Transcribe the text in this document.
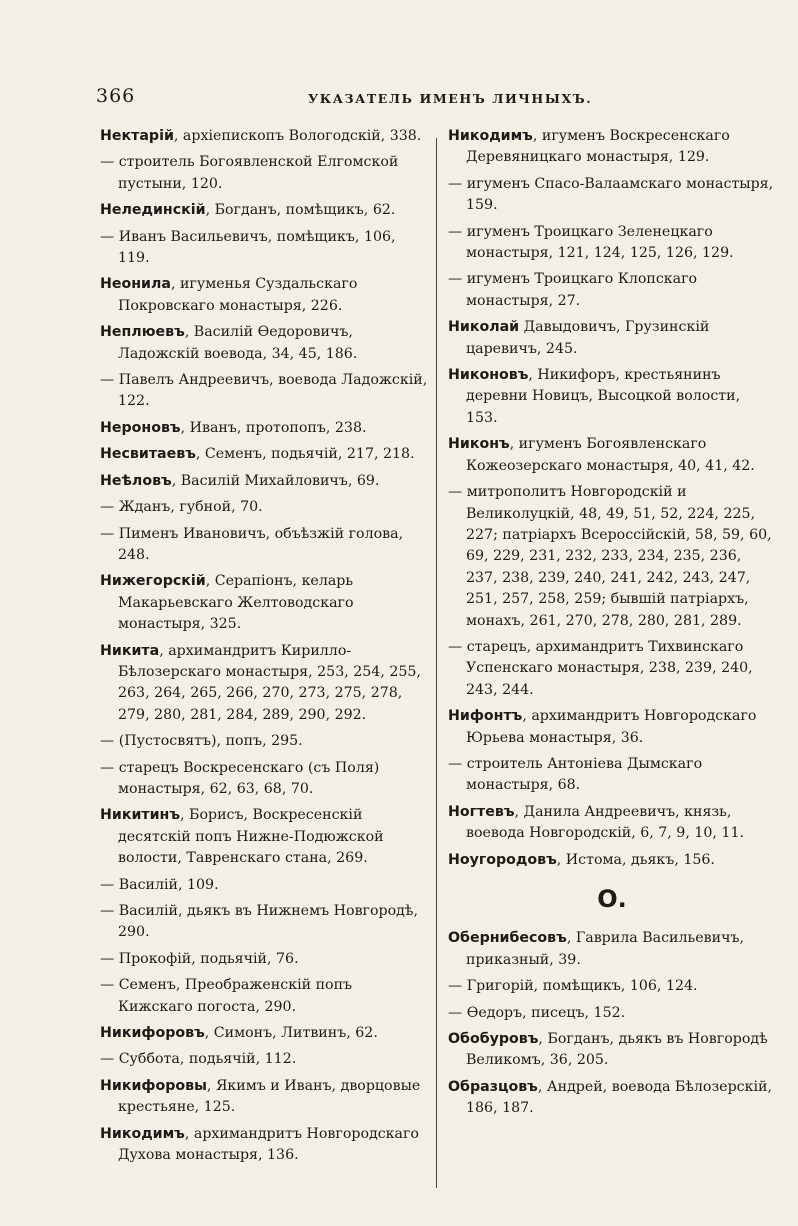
366	УКАЗАТЕЛЬ ИМЕНЪ ЛИЧНЫХЪ.
Нектарій, архіепископъ Вологодскій, 338.
— строитель Богоявленской Елгомской пустыни, 120.
Нелединскій, Богданъ, помѣщикъ, 62.
— Иванъ Васильевичъ, помѣщикъ, 106, 119.
Неонила, игуменья Суздальскаго Покровскаго монастыря, 226.
Неплюевъ, Василій Өедоровичъ, Ладожскій воевода, 34, 45, 186.
— Павелъ Андреевичъ, воевода Ладожскій, 122.
Нероновъ, Иванъ, протопопъ, 238.
Несвитаевъ, Семенъ, подьячій, 217, 218.
Неѣловъ, Василій Михайловичъ, 69.
— Жданъ, губной, 70.
— Пименъ Ивановичъ, объѣзжій голова, 248.
Нижегорскій, Серапіонъ, келарь Макарьевскаго Желтоводскаго монастыря, 325.
Никита, архимандритъ Кирилло-Бѣлозерскаго монастыря, 253, 254, 255, 263, 264, 265, 266, 270, 273, 275, 278, 279, 280, 281, 284, 289, 290, 292.
— (Пустосвятъ), попъ, 295.
— старецъ Воскресенскаго (съ Поля) монастыря, 62, 63, 68, 70.
Никитинъ, Борисъ, Воскресенскій десятскій попъ Нижне-Подюжской волости, Тавренскаго стана, 269.
— Василій, 109.
— Василій, дьякъ въ Нижнемъ Новгородѣ, 290.
— Прокофій, подьячій, 76.
— Семенъ, Преображенскій попъ Кижскаго погоста, 290.
Никифоровъ, Симонъ, Литвинъ, 62.
— Суббота, подьячій, 112.
Никифоровы, Якимъ и Иванъ, дворцовые крестьяне, 125.
Никодимъ, архимандритъ Новгородскаго Духова монастыря, 136.
Никодимъ, игуменъ Воскресенскаго Деревяницкаго монастыря, 129.
— игуменъ Спасо-Валаамскаго монастыря, 159.
— игуменъ Троицкаго Зеленецкаго монастыря, 121, 124, 125, 126, 129.
— игуменъ Троицкаго Клопскаго монастыря, 27.
Николай Давыдовичъ, Грузинскій царевичъ, 245.
Никоновъ, Никифоръ, крестьянинъ деревни Новицъ, Высоцкой волости, 153.
Никонъ, игуменъ Богоявленскаго Кожеозерскаго монастыря, 40, 41, 42.
— митрополитъ Новгородскій и Великолуцкій, 48, 49, 51, 52, 224, 225, 227; патріархъ Всероссійскій, 58, 59, 60, 69, 229, 231, 232, 233, 234, 235, 236, 237, 238, 239, 240, 241, 242, 243, 247, 251, 257, 258, 259; бывшій патріархъ, монахъ, 261, 270, 278, 280, 281, 289.
— старецъ, архимандритъ Тихвинскаго Успенскаго монастыря, 238, 239, 240, 243, 244.
Нифонтъ, архимандритъ Новгородскаго Юрьева монастыря, 36.
— строитель Антоніева Дымскаго монастыря, 68.
Ногтевъ, Данила Андреевичъ, князь, воевода Новгородскій, 6, 7, 9, 10, 11.
Ноугородовъ, Истома, дьякъ, 156.
О.
Обернибесовъ, Гаврила Васильевичъ, приказный, 39.
— Григорій, помѣщикъ, 106, 124.
— Өедоръ, писецъ, 152.
Обобуровъ, Богданъ, дьякъ въ Новгородѣ Великомъ, 36, 205.
Образцовъ, Андрей, воевода Бѣлозерскій, 186, 187.
